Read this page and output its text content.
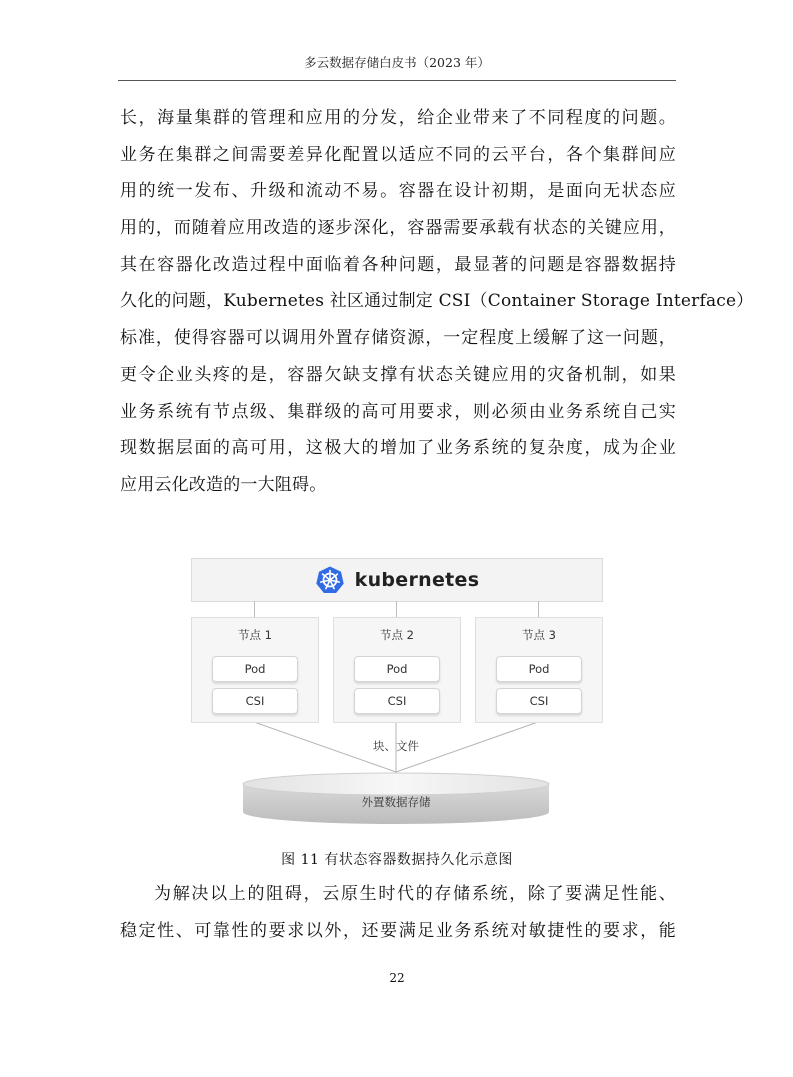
多云数据存储白皮书（2023 年）
长，海量集群的管理和应用的分发，给企业带来了不同程度的问题。
业务在集群之间需要差异化配置以适应不同的云平台，各个集群间应
用的统一发布、升级和流动不易。容器在设计初期，是面向无状态应
用的，而随着应用改造的逐步深化，容器需要承载有状态的关键应用，
其在容器化改造过程中面临着各种问题，最显著的问题是容器数据持
久化的问题，Kubernetes 社区通过制定 CSI（Container Storage Interface）
标准，使得容器可以调用外置存储资源，一定程度上缓解了这一问题，
更令企业头疼的是，容器欠缺支撑有状态关键应用的灾备机制，如果
业务系统有节点级、集群级的高可用要求，则必须由业务系统自己实
现数据层面的高可用，这极大的增加了业务系统的复杂度，成为企业
应用云化改造的一大阻碍。
kubernetes
节点 1
Pod
CSI
节点 2
Pod
CSI
节点 3
Pod
CSI
块、文件
外置数据存储
图 11 有状态容器数据持久化示意图
为解决以上的阻碍，云原生时代的存储系统，除了要满足性能、
稳定性、可靠性的要求以外，还要满足业务系统对敏捷性的要求，能
22
